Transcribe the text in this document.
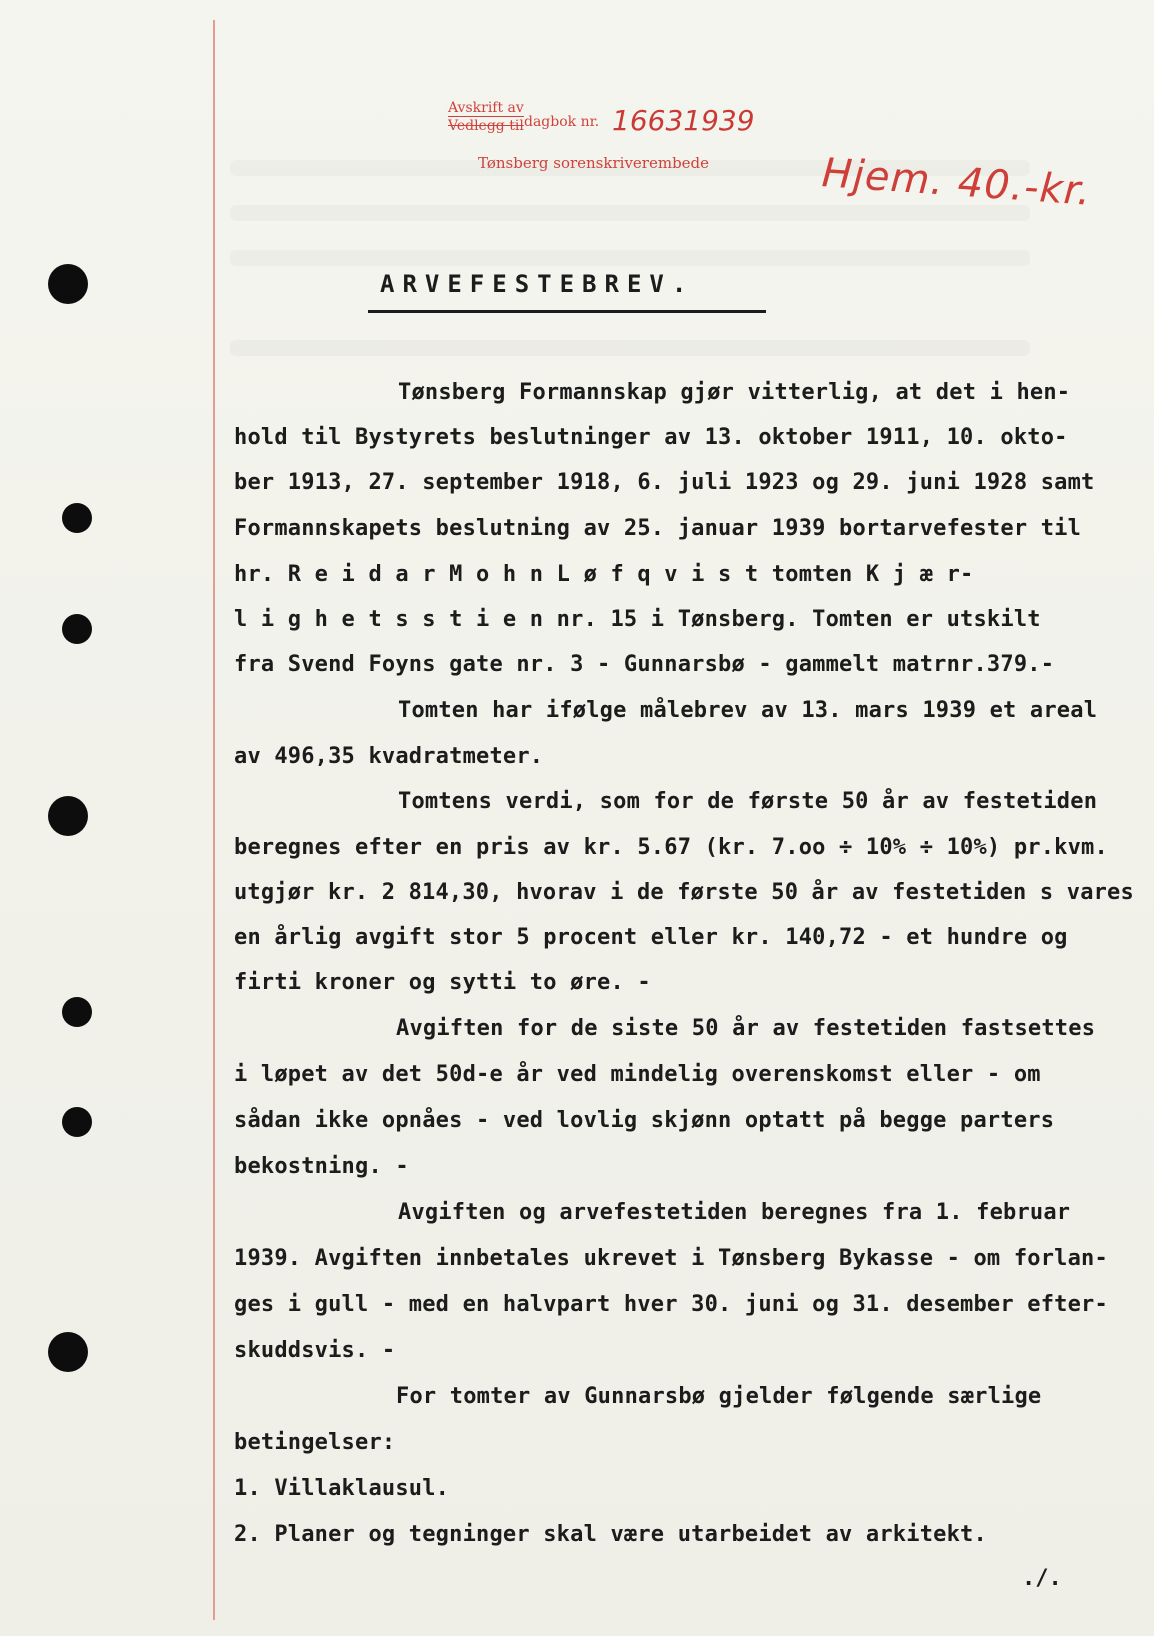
Avskrift av
dagbok nr.
Vedlegg til	16631939
Tønsberg sorenskriverembede	Hjem. 40.-kr.
ARVEFESTEBREV.
Tønsberg Formannskap gjør vitterlig, at det i hen-
hold til Bystyrets beslutninger av 13. oktober 1911, 10. okto-
ber 1913, 27. september 1918, 6. juli 1923 og 29. juni 1928 samt
Formannskapets beslutning av 25. januar 1939 bortarvefester til
hr. R e i d a r M o h n L ø f q v i s t tomten K j æ r-
l i g h e t s s t i e n nr. 15 i Tønsberg. Tomten er utskilt
fra Svend Foyns gate nr. 3 - Gunnarsbø - gammelt matrnr.379.-
Tomten har ifølge målebrev av 13. mars 1939 et areal
av 496,35 kvadratmeter.
Tomtens verdi, som for de første 50 år av festetiden
beregnes efter en pris av kr. 5.67 (kr. 7.oo ÷ 10% ÷ 10%) pr.kvm.
utgjør kr. 2 814,30, hvorav i de første 50 år av festetiden s vares
en årlig avgift stor 5 procent eller kr. 140,72 - et hundre og
firti kroner og sytti to øre. -
Avgiften for de siste 50 år av festetiden fastsettes
i løpet av det 50d-e år ved mindelig overenskomst eller - om
sådan ikke opnåes - ved lovlig skjønn optatt på begge parters
bekostning. -
Avgiften og arvefestetiden beregnes fra 1. februar
1939. Avgiften innbetales ukrevet i Tønsberg Bykasse - om forlan-
ges i gull - med en halvpart hver 30. juni og 31. desember efter-
skuddsvis. -
For tomter av Gunnarsbø gjelder følgende særlige
betingelser:
1. Villaklausul.
2. Planer og tegninger skal være utarbeidet av arkitekt.
./.
